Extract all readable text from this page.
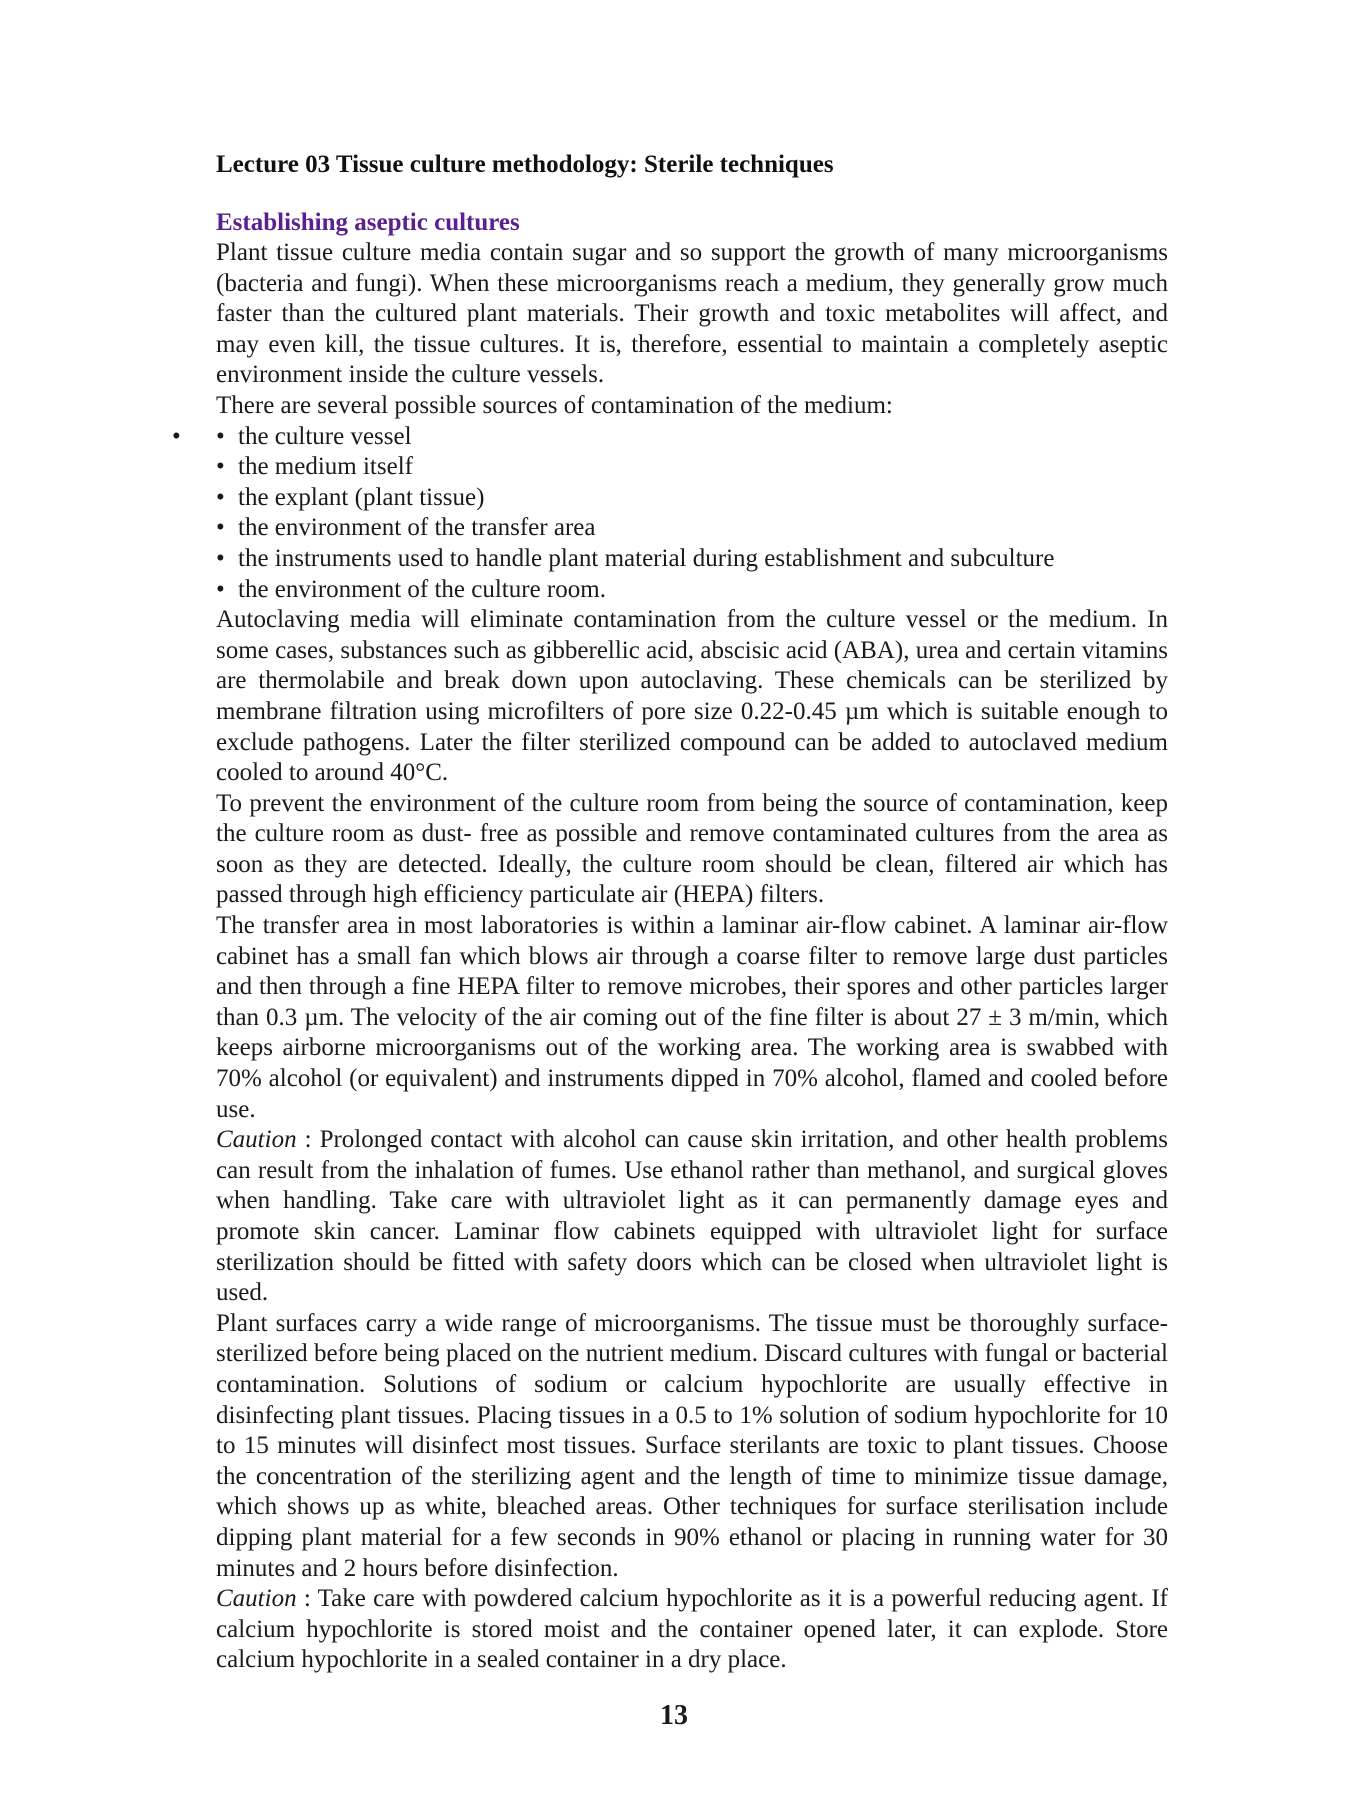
Lecture 03 Tissue culture methodology: Sterile techniques
Establishing aseptic cultures

Plant tissue culture media contain sugar and so support the growth of many microorganisms (bacteria and fungi). When these microorganisms reach a medium, they generally grow much faster than the cultured plant materials. Their growth and toxic metabolites will affect, and may even kill, the tissue cultures. It is, therefore, essential to maintain a completely aseptic environment inside the culture vessels.

There are several possible sources of contamination of the medium:

• • the culture vessel
• the medium itself
• the explant (plant tissue)
• the environment of the transfer area
• the instruments used to handle plant material during establishment and subculture
• the environment of the culture room.

Autoclaving media will eliminate contamination from the culture vessel or the medium. In some cases, substances such as gibberellic acid, abscisic acid (ABA), urea and certain vitamins are thermolabile and break down upon autoclaving. These chemicals can be sterilized by membrane filtration using microfilters of pore size 0.22-0.45 µm which is suitable enough to exclude pathogens. Later the filter sterilized compound can be added to autoclaved medium cooled to around 40°C.

To prevent the environment of the culture room from being the source of contamination, keep the culture room as dust- free as possible and remove contaminated cultures from the area as soon as they are detected. Ideally, the culture room should be clean, filtered air which has passed through high efficiency particulate air (HEPA) filters.

The transfer area in most laboratories is within a laminar air-flow cabinet. A laminar air-flow cabinet has a small fan which blows air through a coarse filter to remove large dust particles and then through a fine HEPA filter to remove microbes, their spores and other particles larger than 0.3 µm. The velocity of the air coming out of the fine filter is about 27 ± 3 m/min, which keeps airborne microorganisms out of the working area. The working area is swabbed with 70% alcohol (or equivalent) and instruments dipped in 70% alcohol, flamed and cooled before use.

Caution : Prolonged contact with alcohol can cause skin irritation, and other health problems can result from the inhalation of fumes. Use ethanol rather than methanol, and surgical gloves when handling. Take care with ultraviolet light as it can permanently damage eyes and promote skin cancer. Laminar flow cabinets equipped with ultraviolet light for surface sterilization should be fitted with safety doors which can be closed when ultraviolet light is used.

Plant surfaces carry a wide range of microorganisms. The tissue must be thoroughly surface-sterilized before being placed on the nutrient medium. Discard cultures with fungal or bacterial contamination. Solutions of sodium or calcium hypochlorite are usually effective in disinfecting plant tissues. Placing tissues in a 0.5 to 1% solution of sodium hypochlorite for 10 to 15 minutes will disinfect most tissues. Surface sterilants are toxic to plant tissues. Choose the concentration of the sterilizing agent and the length of time to minimize tissue damage, which shows up as white, bleached areas. Other techniques for surface sterilisation include dipping plant material for a few seconds in 90% ethanol or placing in running water for 30 minutes and 2 hours before disinfection.

Caution : Take care with powdered calcium hypochlorite as it is a powerful reducing agent. If calcium hypochlorite is stored moist and the container opened later, it can explode. Store calcium hypochlorite in a sealed container in a dry place.

13
